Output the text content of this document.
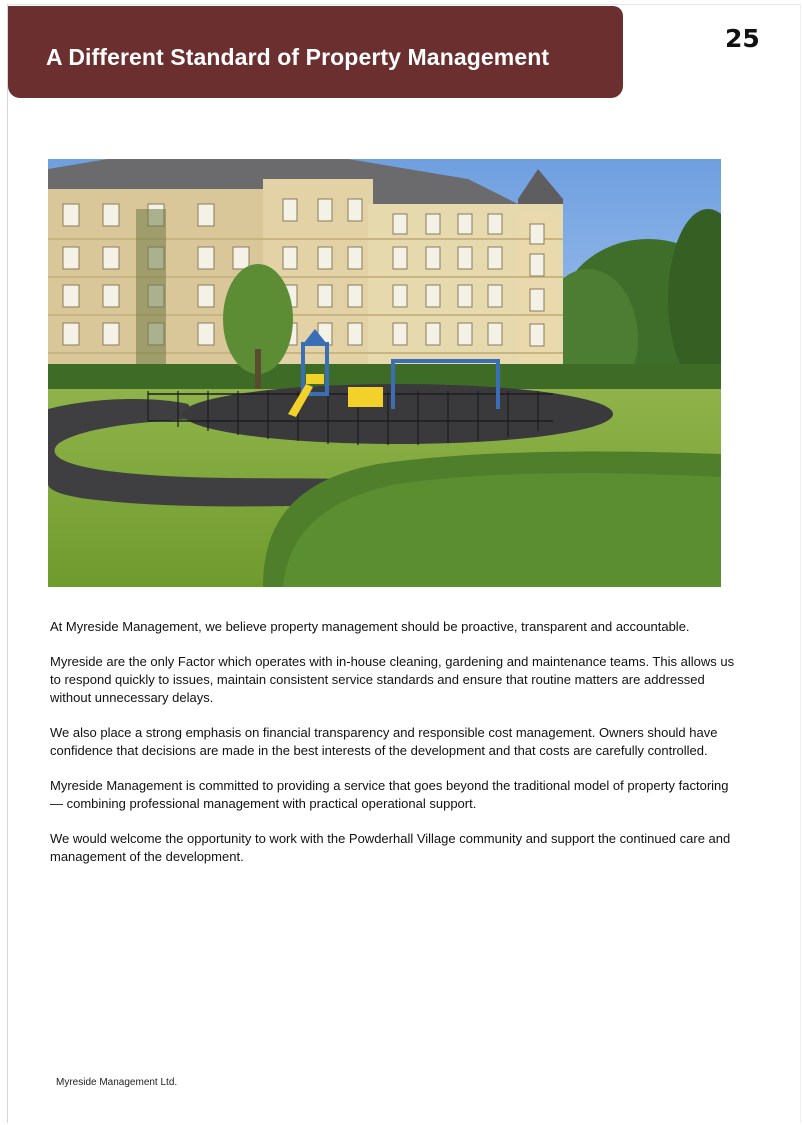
A Different Standard of Property Management
25

At Myreside Management, we believe property management should be proactive, transparent and accountable.

Myreside are the only Factor which operates with in-house cleaning, gardening and maintenance teams. This allows us to respond quickly to issues, maintain consistent service standards and ensure that routine matters are addressed without unnecessary delays.

We also place a strong emphasis on financial transparency and responsible cost management. Owners should have confidence that decisions are made in the best interests of the development and that costs are carefully controlled.

Myreside Management is committed to providing a service that goes beyond the traditional model of property factoring — combining professional management with practical operational support.

We would welcome the opportunity to work with the Powderhall Village community and support the continued care and management of the development.

Myreside Management Ltd.
